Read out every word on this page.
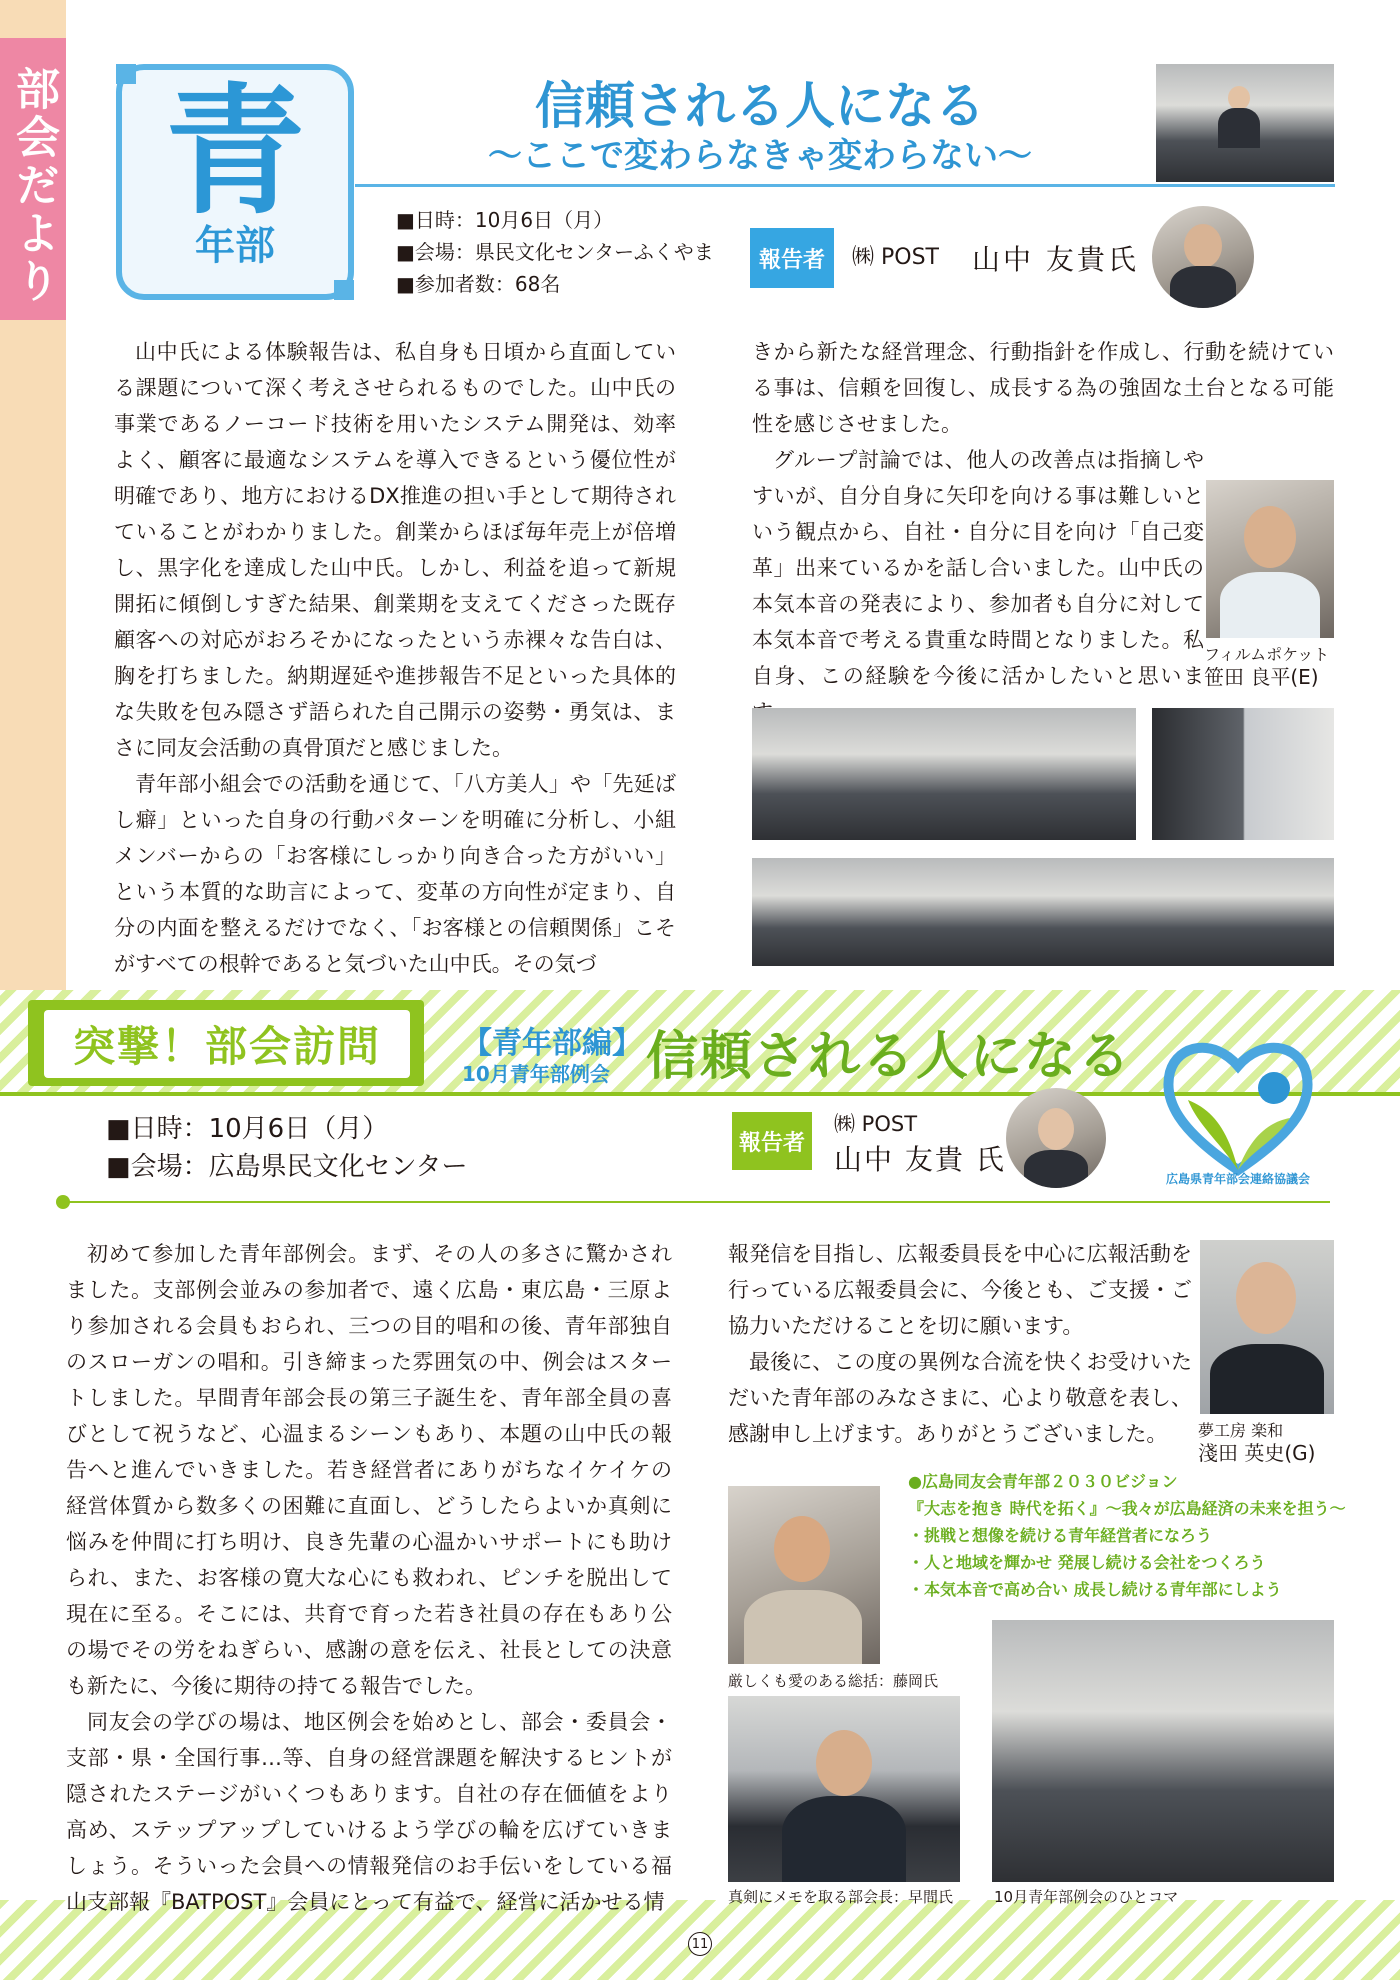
部会だより 青
年部
信頼される人になる
～ここで変わらなきゃ変わらない～
■日時：10月6日（月）
■会場：県民文化センターふくやま
■参加者数：68名
報告者	㈱ POST 山中 友貴氏

山中氏による体験報告は、私自身も日頃から直面している課題について深く考えさせられるものでした。山中氏の事業であるノーコード技術を用いたシステム開発は、効率よく、顧客に最適なシステムを導入できるという優位性が明確であり、地方におけるDX推進の担い手として期待されていることがわかりました。創業からほぼ毎年売上が倍増し、黒字化を達成した山中氏。しかし、利益を追って新規開拓に傾倒しすぎた結果、創業期を支えてくださった既存顧客への対応がおろそかになったという赤裸々な告白は、胸を打ちました。納期遅延や進捗報告不足といった具体的な失敗を包み隠さず語られた自己開示の姿勢・勇気は、まさに同友会活動の真骨頂だと感じました。

青年部小組会での活動を通じて、「八方美人」や「先延ばし癖」といった自身の行動パターンを明確に分析し、小組メンバーからの「お客様にしっかり向き合った方がいい」という本質的な助言によって、変革の方向性が定まり、自分の内面を整えるだけでなく、「お客様との信頼関係」こそがすべての根幹であると気づいた山中氏。その気づ

きから新たな経営理念、行動指針を作成し、行動を続けている事は、信頼を回復し、成長する為の強固な土台となる可能性を感じさせました。

グループ討論では、他人の改善点は指摘しやすいが、自分自身に矢印を向ける事は難しいという観点から、自社・自分に目を向け「自己変革」出来ているかを話し合いました。山中氏の本気本音の発表により、参加者も自分に対して本気本音で考える貴重な時間となりました。私自身、この経験を今後に活かしたいと思いま

フィルムポケット
笹田 良平(E)
突撃！部会訪問	【青年部編】
10月青年部例会 信頼される人になる
広島県青年部会連絡協議会
■日時：10月6日（月）
■会場：広島県民文化センター
報告者
㈱ POST
山中 友貴 氏

初めて参加した青年部例会。まず、その人の多さに驚かされました。支部例会並みの参加者で、遠く広島・東広島・三原より参加される会員もおられ、三つの目的唱和の後、青年部独自のスローガンの唱和。引き締まった雰囲気の中、例会はスタートしました。早間青年部会長の第三子誕生を、青年部全員の喜びとして祝うなど、心温まるシーンもあり、本題の山中氏の報告へと進んでいきました。若き経営者にありがちなイケイケの経営体質から数多くの困難に直面し、どうしたらよいか真剣に悩みを仲間に打ち明け、良き先輩の心温かいサポートにも助けられ、また、お客様の寛大な心にも救われ、ピンチを脱出して現在に至る。そこには、共育で育った若き社員の存在もあり公の場でその労をねぎらい、感謝の意を伝え、社長としての決意も新たに、今後に期待の持てる報告でした。

同友会の学びの場は、地区例会を始めとし、部会・委員会・支部・県・全国行事…等、自身の経営課題を解決するヒントが隠されたステージがいくつもあります。自社の存在価値をより高め、ステップアップしていけるよう学びの輪を広げていきましょう。そういった会員への情報発信のお手伝いをしている福山支部報『BATPOST』会員にとって有益で、経営に活かせる情

報発信を目指し、広報委員長を中心に広報活動を行っている広報委員会に、今後とも、ご支援・ご協力いただけることを切に願います。

最後に、この度の異例な合流を快くお受けいただいた青年部のみなさまに、心より敬意を表し、感謝申し上げます。ありがとうございました。	夢工房 楽和
淺田 英史(G)
●広島同友会青年部２０３０ビジョン
『大志を抱き 時代を拓く』～我々が広島経済の未来を担う～
・挑戦と想像を続ける青年経営者になろう
・人と地域を輝かせ 発展し続ける会社をつくろう
・本気本音で高め合い 成長し続ける青年部にしよう
厳しくも愛のある総括：藤岡氏
真剣にメモを取る部会長：早間氏	10月青年部例会のひとコマ
11
